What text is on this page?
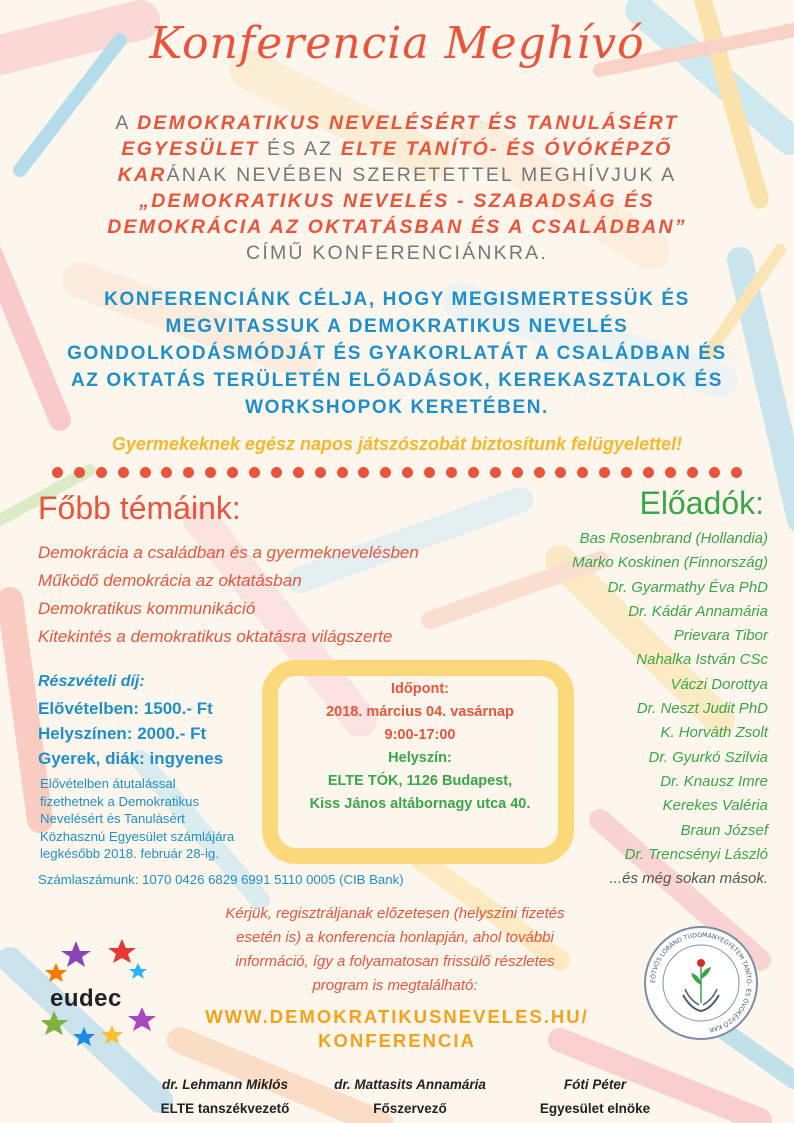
Konferencia Meghívó
A DEMOKRATIKUS NEVELÉSÉRT ÉS TANULÁSÉRT EGYESÜLET ÉS AZ ELTE TANÍTÓ- ÉS ÓVÓKÉPZŐ KARÁNAK NEVÉBEN SZERETETTEL MEGHÍVJUK A „DEMOKRATIKUS NEVELÉS - SZABADSÁG ÉS DEMOKRÁCIA AZ OKTATÁSBAN ÉS A CSALÁDBAN”
CÍMŰ KONFERENCIÁNKRA.
KONFERENCIÁNK CÉLJA, HOGY MEGISMERTESSÜK ÉS MEGVITASSUK A DEMOKRATIKUS NEVELÉS GONDOLKODÁSMÓDJÁT ÉS GYAKORLATÁT A CSALÁDBAN ÉS AZ OKTATÁS TERÜLETÉN ELŐADÁSOK, KEREKASZTALOK ÉS WORKSHOPOK KERETÉBEN.
Gyermekeknek egész napos játszószobát biztosítunk felügyelettel!
Főbb témáink:
Demokrácia a családban és a gyermeknevelésben
Működő demokrácia az oktatásban
Demokratikus kommunikáció
Kitekintés a demokratikus oktatásra világszerte
Előadók:
Bas Rosenbrand (Hollandia)
Marko Koskinen (Finnország)
Dr. Gyarmathy Éva PhD
Dr. Kádár Annamária
Prievara Tibor
Nahalka István CSc
Váczi Dorottya
Dr. Neszt Judit PhD
K. Horváth Zsolt
Dr. Gyurkó Szilvia
Dr. Knausz Imre
Kerekes Valéria
Braun József
Dr. Trencsényi László
...és még sokan mások.
Részvételi díj:
Elővételben: 1500.- Ft
Helyszínen: 2000.- Ft
Gyerek, diák: ingyenes
Elővételben átutalással
fizethetnek a Demokratikus
Nevelésért és Tanulásért
Közhasznú Egyesület számlájára
legkésőbb 2018. február 28-ig.
Számlaszámunk: 1070 0426 6829 6991 5110 0005 (CIB Bank)
Időpont:
2018. március 04. vasárnap
9:00-17:00
Helyszín:
ELTE TÓK, 1126 Budapest,
Kiss János altábornagy utca 40.
Kérjük, regisztráljanak előzetesen (helyszíni fizetés
esetén is) a konferencia honlapján, ahol további
információ, így a folyamatosan frissülő részletes
program is megtalálható:
WWW.DEMOKRATIKUSNEVELES.HU/
KONFERENCIA
eudec
EÖTVÖS LORÁND TUDOMÁNYEGYETEM TANÍTÓ- ÉS ÓVÓKÉPZŐ KAR
dr. Lehmann Miklós
ELTE tanszékvezető
dr. Mattasits Annamária
Főszervező
Fóti Péter
Egyesület elnöke
